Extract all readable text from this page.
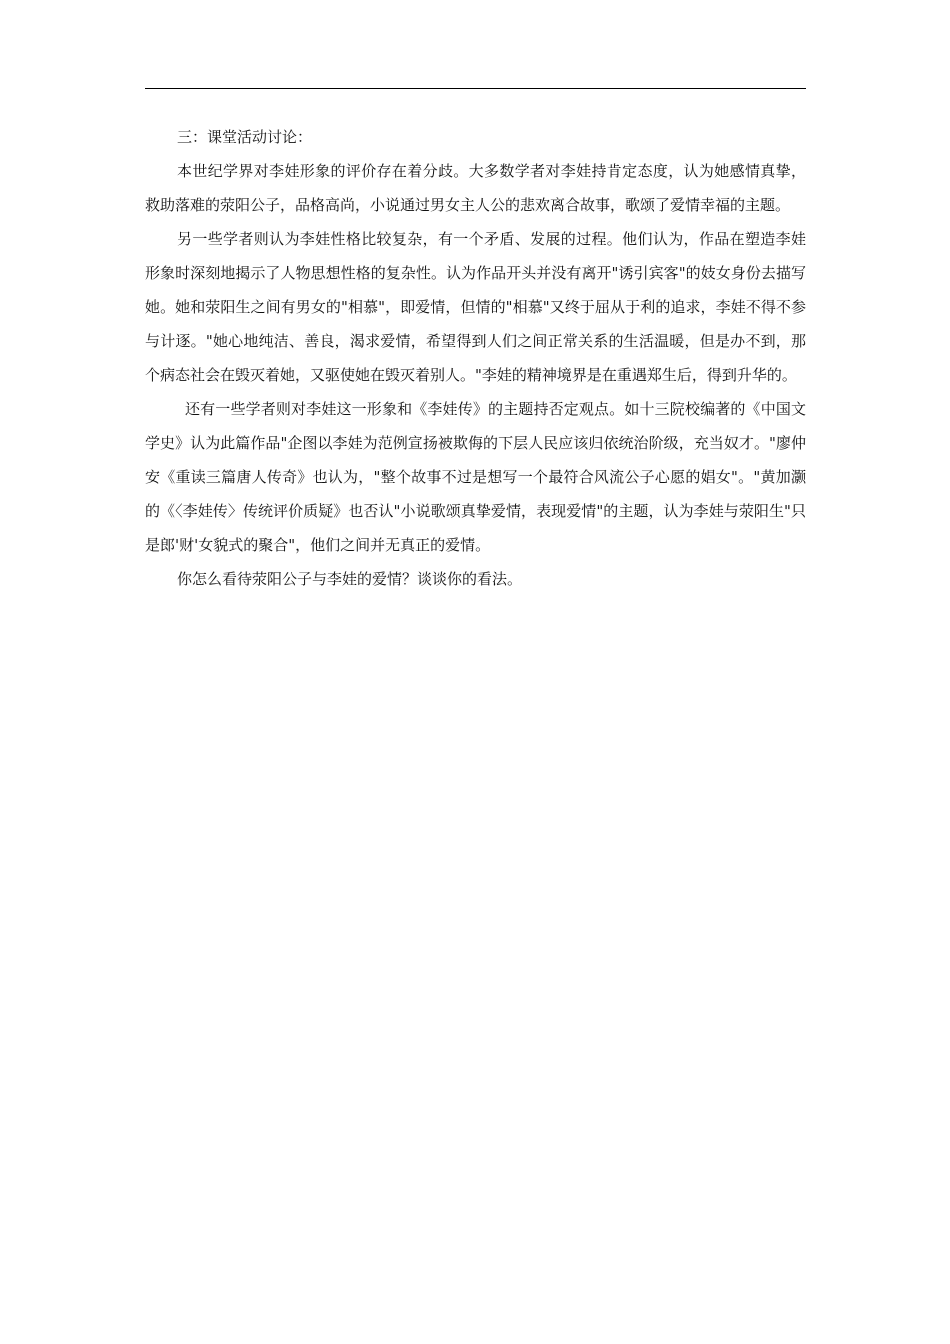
三：课堂活动讨论：

本世纪学界对李娃形象的评价存在着分歧。大多数学者对李娃持肯定态度，认为她感情真挚，救助落难的荥阳公子，品格高尚，小说通过男女主人公的悲欢离合故事，歌颂了爱情幸福的主题。

另一些学者则认为李娃性格比较复杂，有一个矛盾、发展的过程。他们认为，作品在塑造李娃形象时深刻地揭示了人物思想性格的复杂性。认为作品开头并没有离开"诱引宾客"的妓女身份去描写她。她和荥阳生之间有男女的"相慕"，即爱情，但情的"相慕"又终于屈从于利的追求，李娃不得不参与计逐。"她心地纯洁、善良，渴求爱情，希望得到人们之间正常关系的生活温暖，但是办不到，那个病态社会在毁灭着她，又驱使她在毁灭着别人。"李娃的精神境界是在重遇郑生后，得到升华的。

还有一些学者则对李娃这一形象和《李娃传》的主题持否定观点。如十三院校编著的《中国文学史》认为此篇作品"企图以李娃为范例宣扬被欺侮的下层人民应该归依统治阶级，充当奴才。"廖仲安《重读三篇唐人传奇》也认为，"整个故事不过是想写一个最符合风流公子心愿的娼女"。"黄加灏的《〈李娃传〉传统评价质疑》也否认"小说歌颂真挚爱情，表现爱情"的主题，认为李娃与荥阳生"只是郎'财'女貌式的聚合"，他们之间并无真正的爱情。

你怎么看待荥阳公子与李娃的爱情？谈谈你的看法。
